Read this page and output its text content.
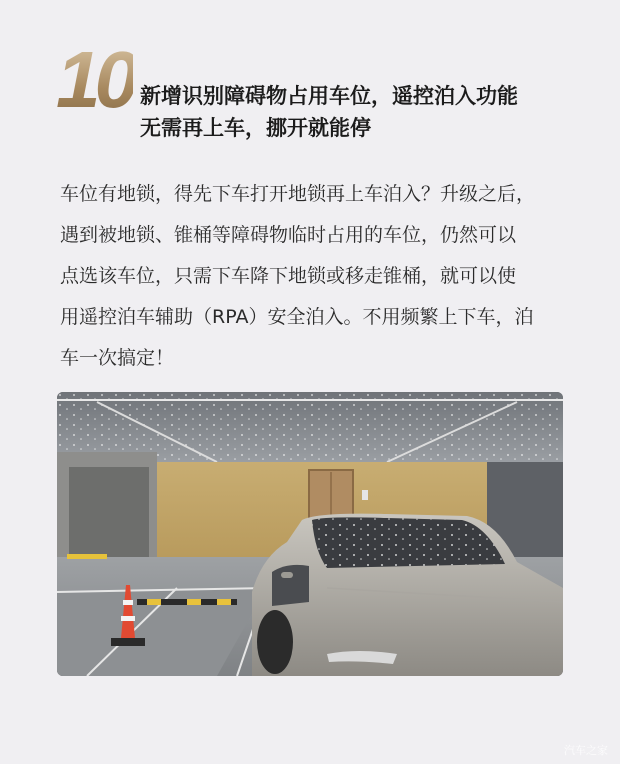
10 新增识别障碍物占用车位，遥控泊入功能
无需再上车，挪开就能停
车位有地锁，得先下车打开地锁再上车泊入？升级之后，
遇到被地锁、锥桶等障碍物临时占用的车位，仍然可以
点选该车位，只需下车降下地锁或移走锥桶，就可以使
用遥控泊车辅助（RPA）安全泊入。不用频繁上下车，泊
车一次搞定！
汽车之家
